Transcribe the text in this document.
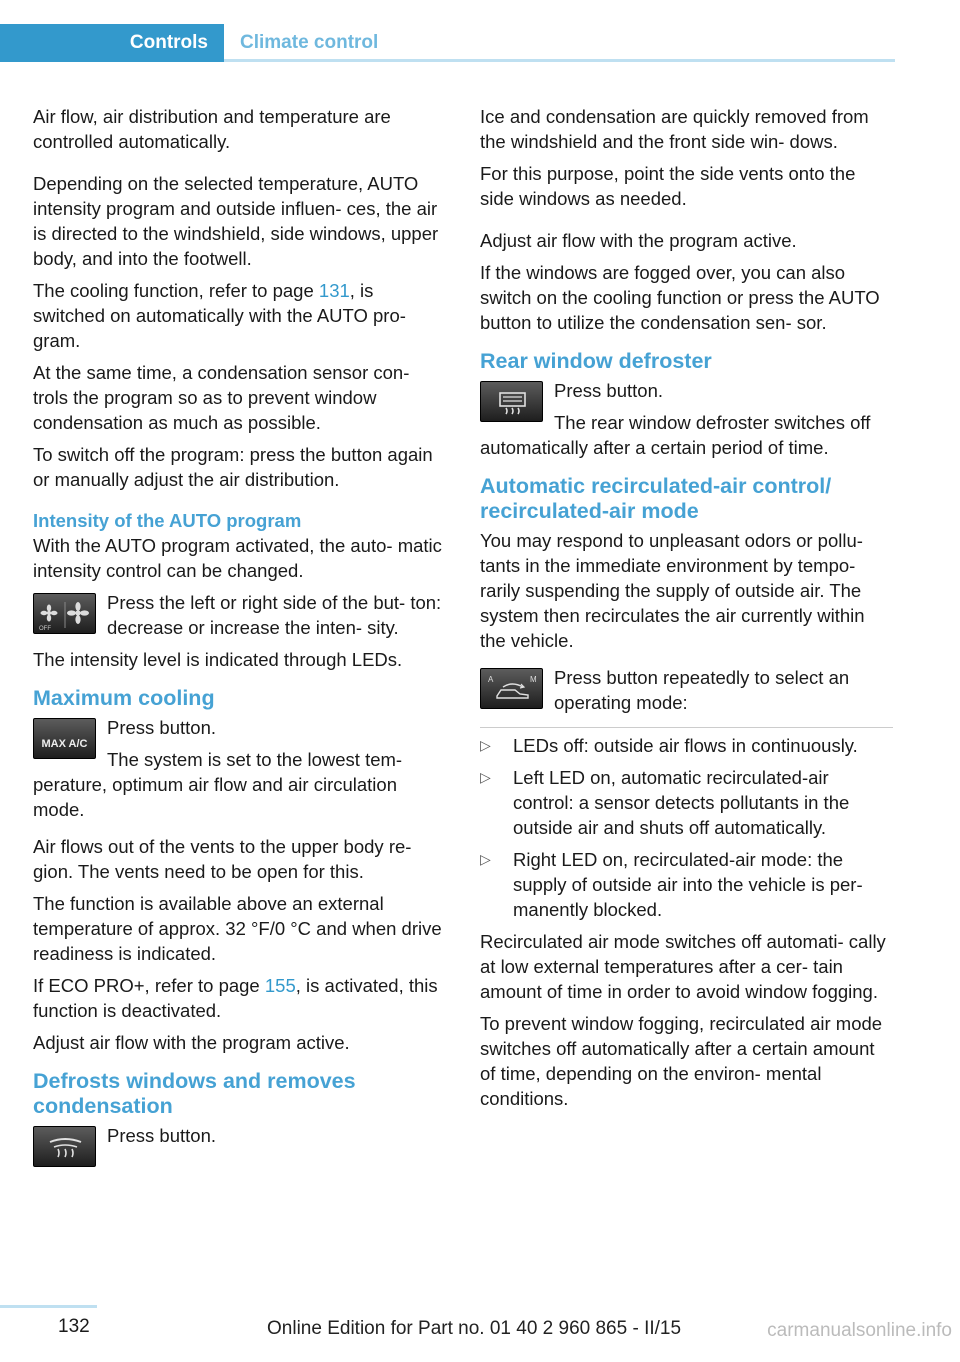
Controls Climate control

Air flow, air distribution and temperature are controlled automatically.

Depending on the selected temperature, AUTO intensity program and outside influen‐ ces, the air is directed to the windshield, side windows, upper body, and into the footwell.

The cooling function, refer to page 131, is switched on automatically with the AUTO pro‐ gram.

At the same time, a condensation sensor con‐ trols the program so as to prevent window condensation as much as possible.

To switch off the program: press the button again or manually adjust the air distribution.

Intensity of the AUTO program

With the AUTO program activated, the auto‐ matic intensity control can be changed.

OFF
Press the left or right side of the but‐ ton: decrease or increase the inten‐ sity.

The intensity level is indicated through LEDs.

Maximum cooling
MAX A/C
Press button.
The system is set to the lowest tem‐ perature, optimum air flow and air circulation mode.

Air flows out of the vents to the upper body re‐ gion. The vents need to be open for this.

The function is available above an external temperature of approx. 32 °F/0 °C and when drive readiness is indicated.

If ECO PRO+, refer to page 155, is activated, this function is deactivated.

Adjust air flow with the program active.

Defrosts windows and removes condensation
Press button.

Ice and condensation are quickly removed from the windshield and the front side win‐ dows.

For this purpose, point the side vents onto the side windows as needed.

Adjust air flow with the program active.

If the windows are fogged over, you can also switch on the cooling function or press the AUTO button to utilize the condensation sen‐ sor.

Rear window defroster
Press button.
The rear window defroster switches off automatically after a certain period of time.
Automatic recirculated-air control/ recirculated-air mode

You may respond to unpleasant odors or pollu‐ tants in the immediate environment by tempo‐ rarily suspending the supply of outside air. The system then recirculates the air currently within the vehicle.

A	M Press button repeatedly to select an operating mode:
▷ LEDs off: outside air flows in continuously.
▷ Left LED on, automatic recirculated-air control: a sensor detects pollutants in the outside air and shuts off automatically.
▷ Right LED on, recirculated-air mode: the supply of outside air into the vehicle is per‐ manently blocked.

Recirculated air mode switches off automati‐ cally at low external temperatures after a cer‐ tain amount of time in order to avoid window fogging.

To prevent window fogging, recirculated air mode switches off automatically after a certain amount of time, depending on the environ‐ mental conditions.

132	Online Edition for Part no. 01 40 2 960 865 - II/15	carmanualsonline.info
